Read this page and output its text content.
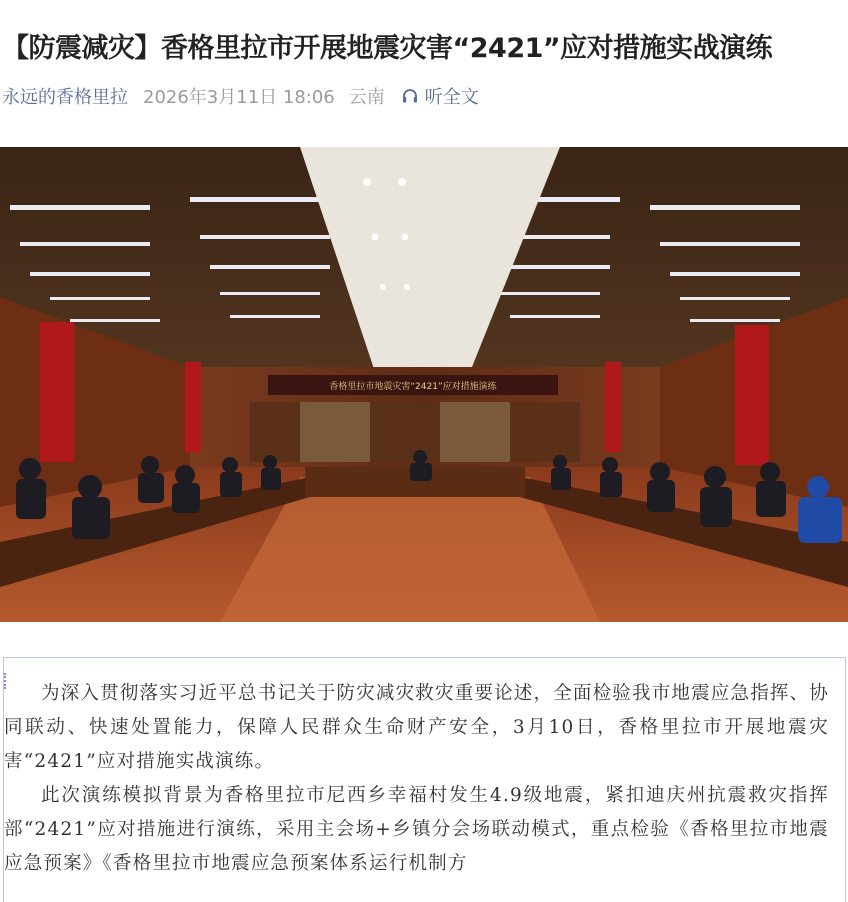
【防震减灾】香格里拉市开展地震灾害“2421”应对措施实战演练
永远的香格里拉 2026年3月11日 18:06 云南 听全文
香格里拉市地震灾害“2421”应对措施演练

为深入贯彻落实习近平总书记关于防灾减灾救灾重要论述，全面检验我市地震应急指挥、协同联动、快速处置能力，保障人民群众生命财产安全，3月10日，香格里拉市开展地震灾害“2421”应对措施实战演练。

此次演练模拟背景为香格里拉市尼西乡幸福村发生4.9级地震，紧扣迪庆州抗震救灾指挥部“2421”应对措施进行演练，采用主会场+乡镇分会场联动模式，重点检验《香格里拉市地震应急预案》《香格里拉市地震应急预案体系运行机制方
